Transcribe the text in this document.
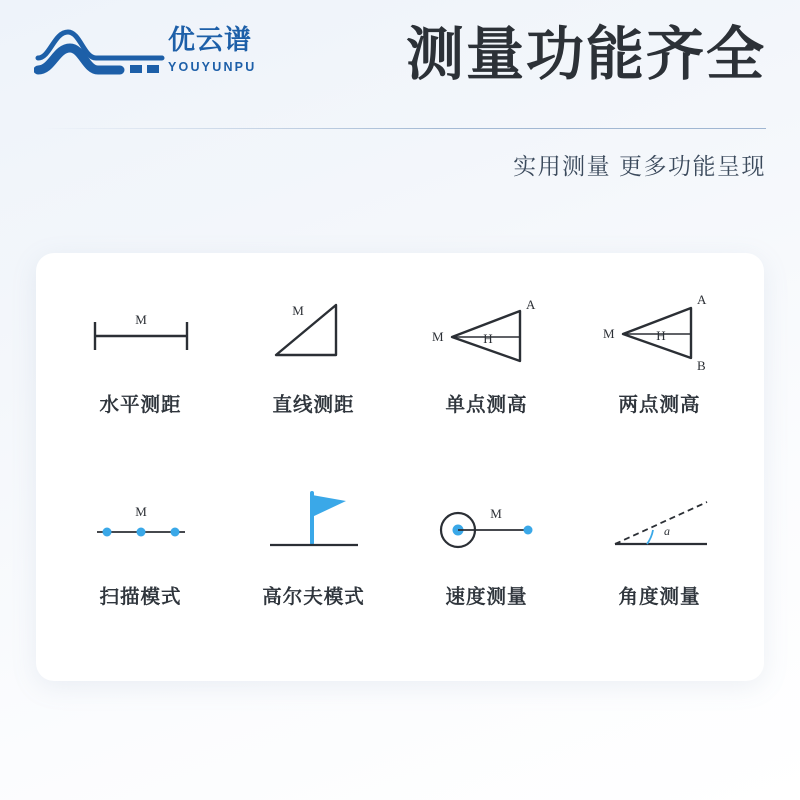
优云谱
YOUYUNPU	测量功能齐全
实用测量 更多功能呈现
M
水平测距
M
直线测距
A
M	H
单点测高
A
B
M	H
两点测高
M
扫描模式	高尔夫模式
M
速度测量
a
角度测量
